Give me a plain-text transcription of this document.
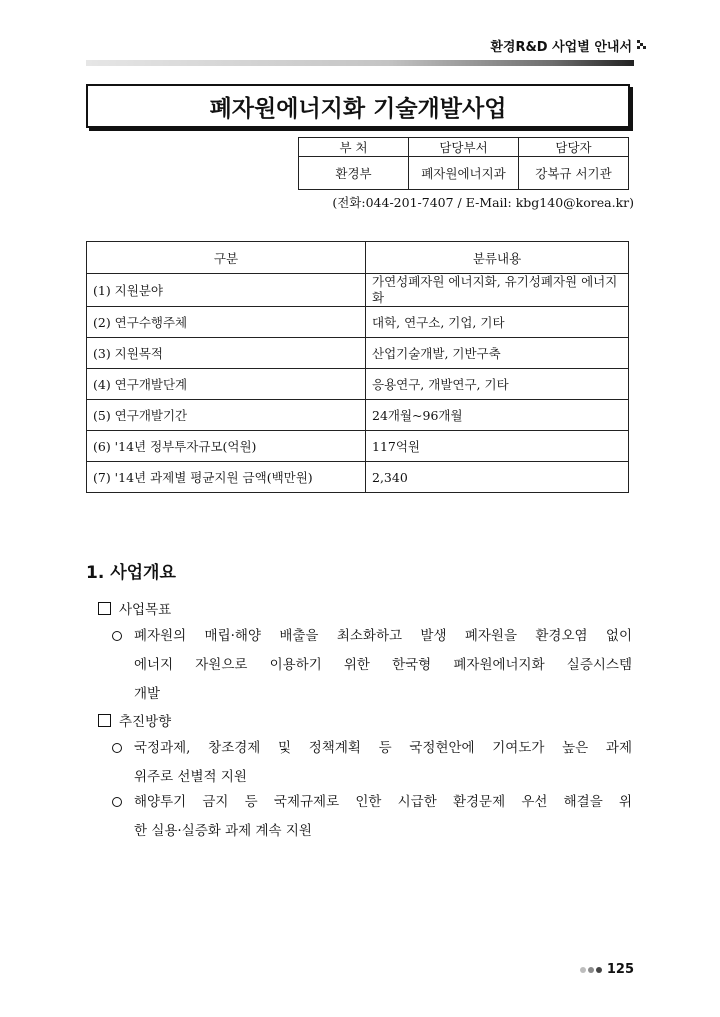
환경R&D 사업별 안내서
폐자원에너지화 기술개발사업
부 처	담당부서	담당자
환경부	폐자원에너지과	강복규 서기관
(전화:044-201-7407 / E-Mail: kbg140@korea.kr)
구분	분류내용
(1) 지원분야	가연성폐자원 에너지화, 유기성폐자원 에너지화
(2) 연구수행주체	대학, 연구소, 기업, 기타
(3) 지원목적	산업기술개발, 기반구축
(4) 연구개발단계	응용연구, 개발연구, 기타
(5) 연구개발기간	24개월~96개월
(6) '14년 정부투자규모(억원)	117억원
(7) '14년 과제별 평균지원 금액(백만원)	2,340
1. 사업개요
사업목표
폐자원의 매립·해양 배출을 최소화하고 발생 폐자원을 환경오염 없이
에너지 자원으로 이용하기 위한 한국형 폐자원에너지화 실증시스템
개발
추진방향
국정과제, 창조경제 및 정책계획 등 국정현안에 기여도가 높은 과제
위주로 선별적 지원
해양투기 금지 등 국제규제로 인한 시급한 환경문제 우선 해결을 위
한 실용·실증화 과제 계속 지원
125
